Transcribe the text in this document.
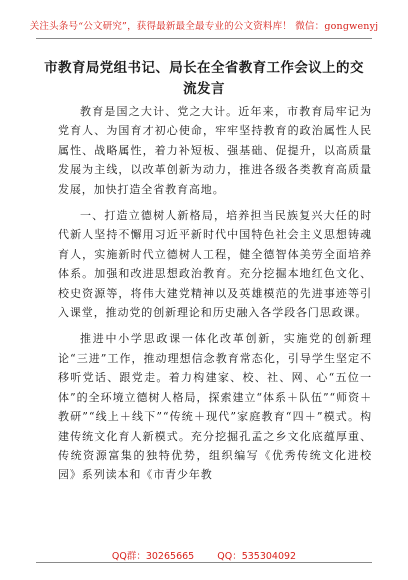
关注头条号“公文研究”，获得最新最全最专业的公文资料库！ 微信：gongwenyj
市教育局党组书记、局长在全省教育工作会议上的交流发言

教育是国之大计、党之大计。近年来，市教育局牢记为党育人、为国育才初心使命，牢牢坚持教育的政治属性人民属性、战略属性，着力补短板、强基础、促提升，以高质量发展为主线，以改革创新为动力，推进各级各类教育高质量发展，加快打造全省教育高地。

一、打造立德树人新格局，培养担当民族复兴大任的时代新人坚持不懈用习近平新时代中国特色社会主义思想铸魂育人，实施新时代立德树人工程，健全德智体美劳全面培养体系。加强和改进思想政治教育。充分挖掘本地红色文化、校史资源等，将伟大建党精神以及英雄模范的先进事迹等引入课堂，推动党的创新理论和历史融入各学段各门思政课。

推进中小学思政课一体化改革创新，实施党的创新理论“三进”工作，推动理想信念教育常态化，引导学生坚定不移听党话、跟党走。着力构建家、校、社、网、心“五位一体”的全环境立德树人格局，探索建立“体系＋队伍”“师资＋教研”“线上＋线下”“传统＋现代”家庭教育“四＋”模式。构建传统文化育人新模式。充分挖掘孔孟之乡文化底蕴厚重、传统资源富集的独特优势，组织编写《优秀传统文化进校园》系列读本和《市青少年教

QQ群：30265665 QQ：535304092
